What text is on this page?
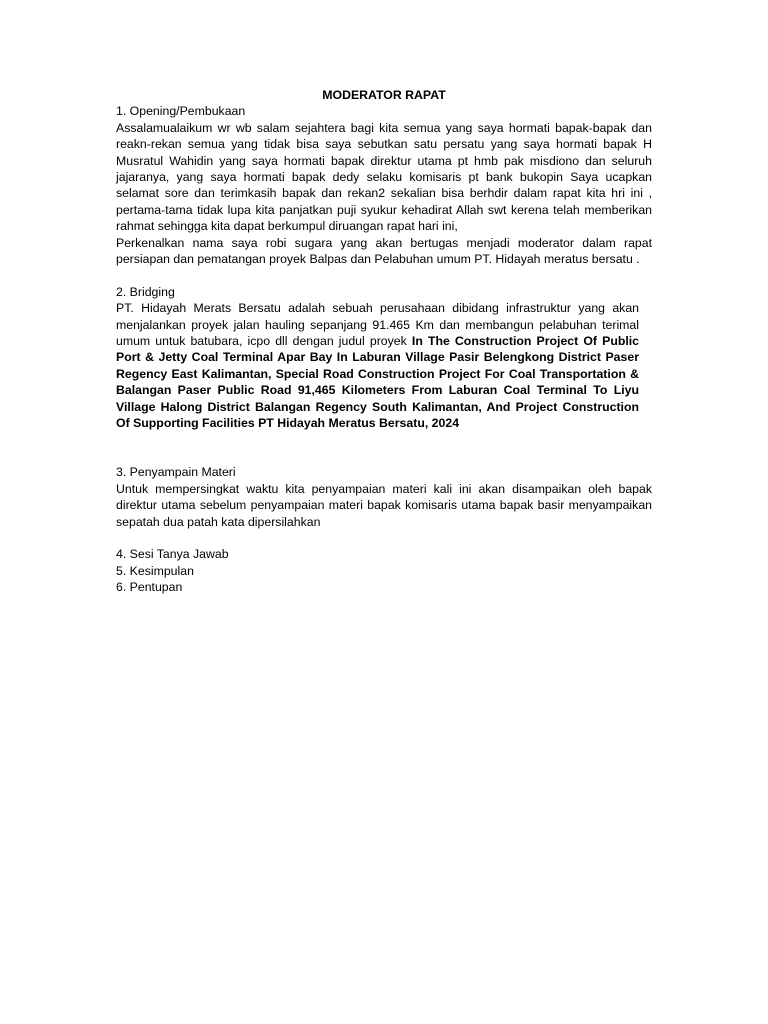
MODERATOR RAPAT

1. Opening/Pembukaan

Assalamualaikum wr wb salam sejahtera bagi kita semua yang saya hormati bapak-bapak dan reakn-rekan semua yang tidak bisa saya sebutkan satu persatu yang saya hormati bapak H Musratul Wahidin yang saya hormati bapak direktur utama pt hmb pak misdiono dan seluruh jajaranya, yang saya hormati bapak dedy selaku komisaris pt bank bukopin Saya ucapkan selamat sore dan terimkasih bapak dan rekan2 sekalian bisa berhdir dalam rapat kita hri ini , pertama-tama tidak lupa kita panjatkan puji syukur kehadirat Allah swt kerena telah memberikan rahmat sehingga kita dapat berkumpul diruangan rapat hari ini,

Perkenalkan nama saya robi sugara yang akan bertugas menjadi moderator dalam rapat persiapan dan pematangan proyek Balpas dan Pelabuhan umum PT. Hidayah meratus bersatu .

2. Bridging

PT. Hidayah Merats Bersatu adalah sebuah perusahaan dibidang infrastruktur yang akan menjalankan proyek jalan hauling sepanjang 91.465 Km dan membangun pelabuhan terimal umum untuk batubara, icpo dll dengan judul proyek In The Construction Project Of Public Port & Jetty Coal Terminal Apar Bay In Laburan Village Pasir Belengkong District Paser Regency East Kalimantan, Special Road Construction Project For Coal Transportation & Balangan Paser Public Road 91,465 Kilometers From Laburan Coal Terminal To Liyu Village Halong District Balangan Regency South Kalimantan, And Project Construction Of Supporting Facilities PT Hidayah Meratus Bersatu, 2024

3. Penyampain Materi

Untuk mempersingkat waktu kita penyampaian materi kali ini akan disampaikan oleh bapak direktur utama sebelum penyampaian materi bapak komisaris utama bapak basir menyampaikan sepatah dua patah kata dipersilahkan

4. Sesi Tanya Jawab

5. Kesimpulan

6. Pentupan
